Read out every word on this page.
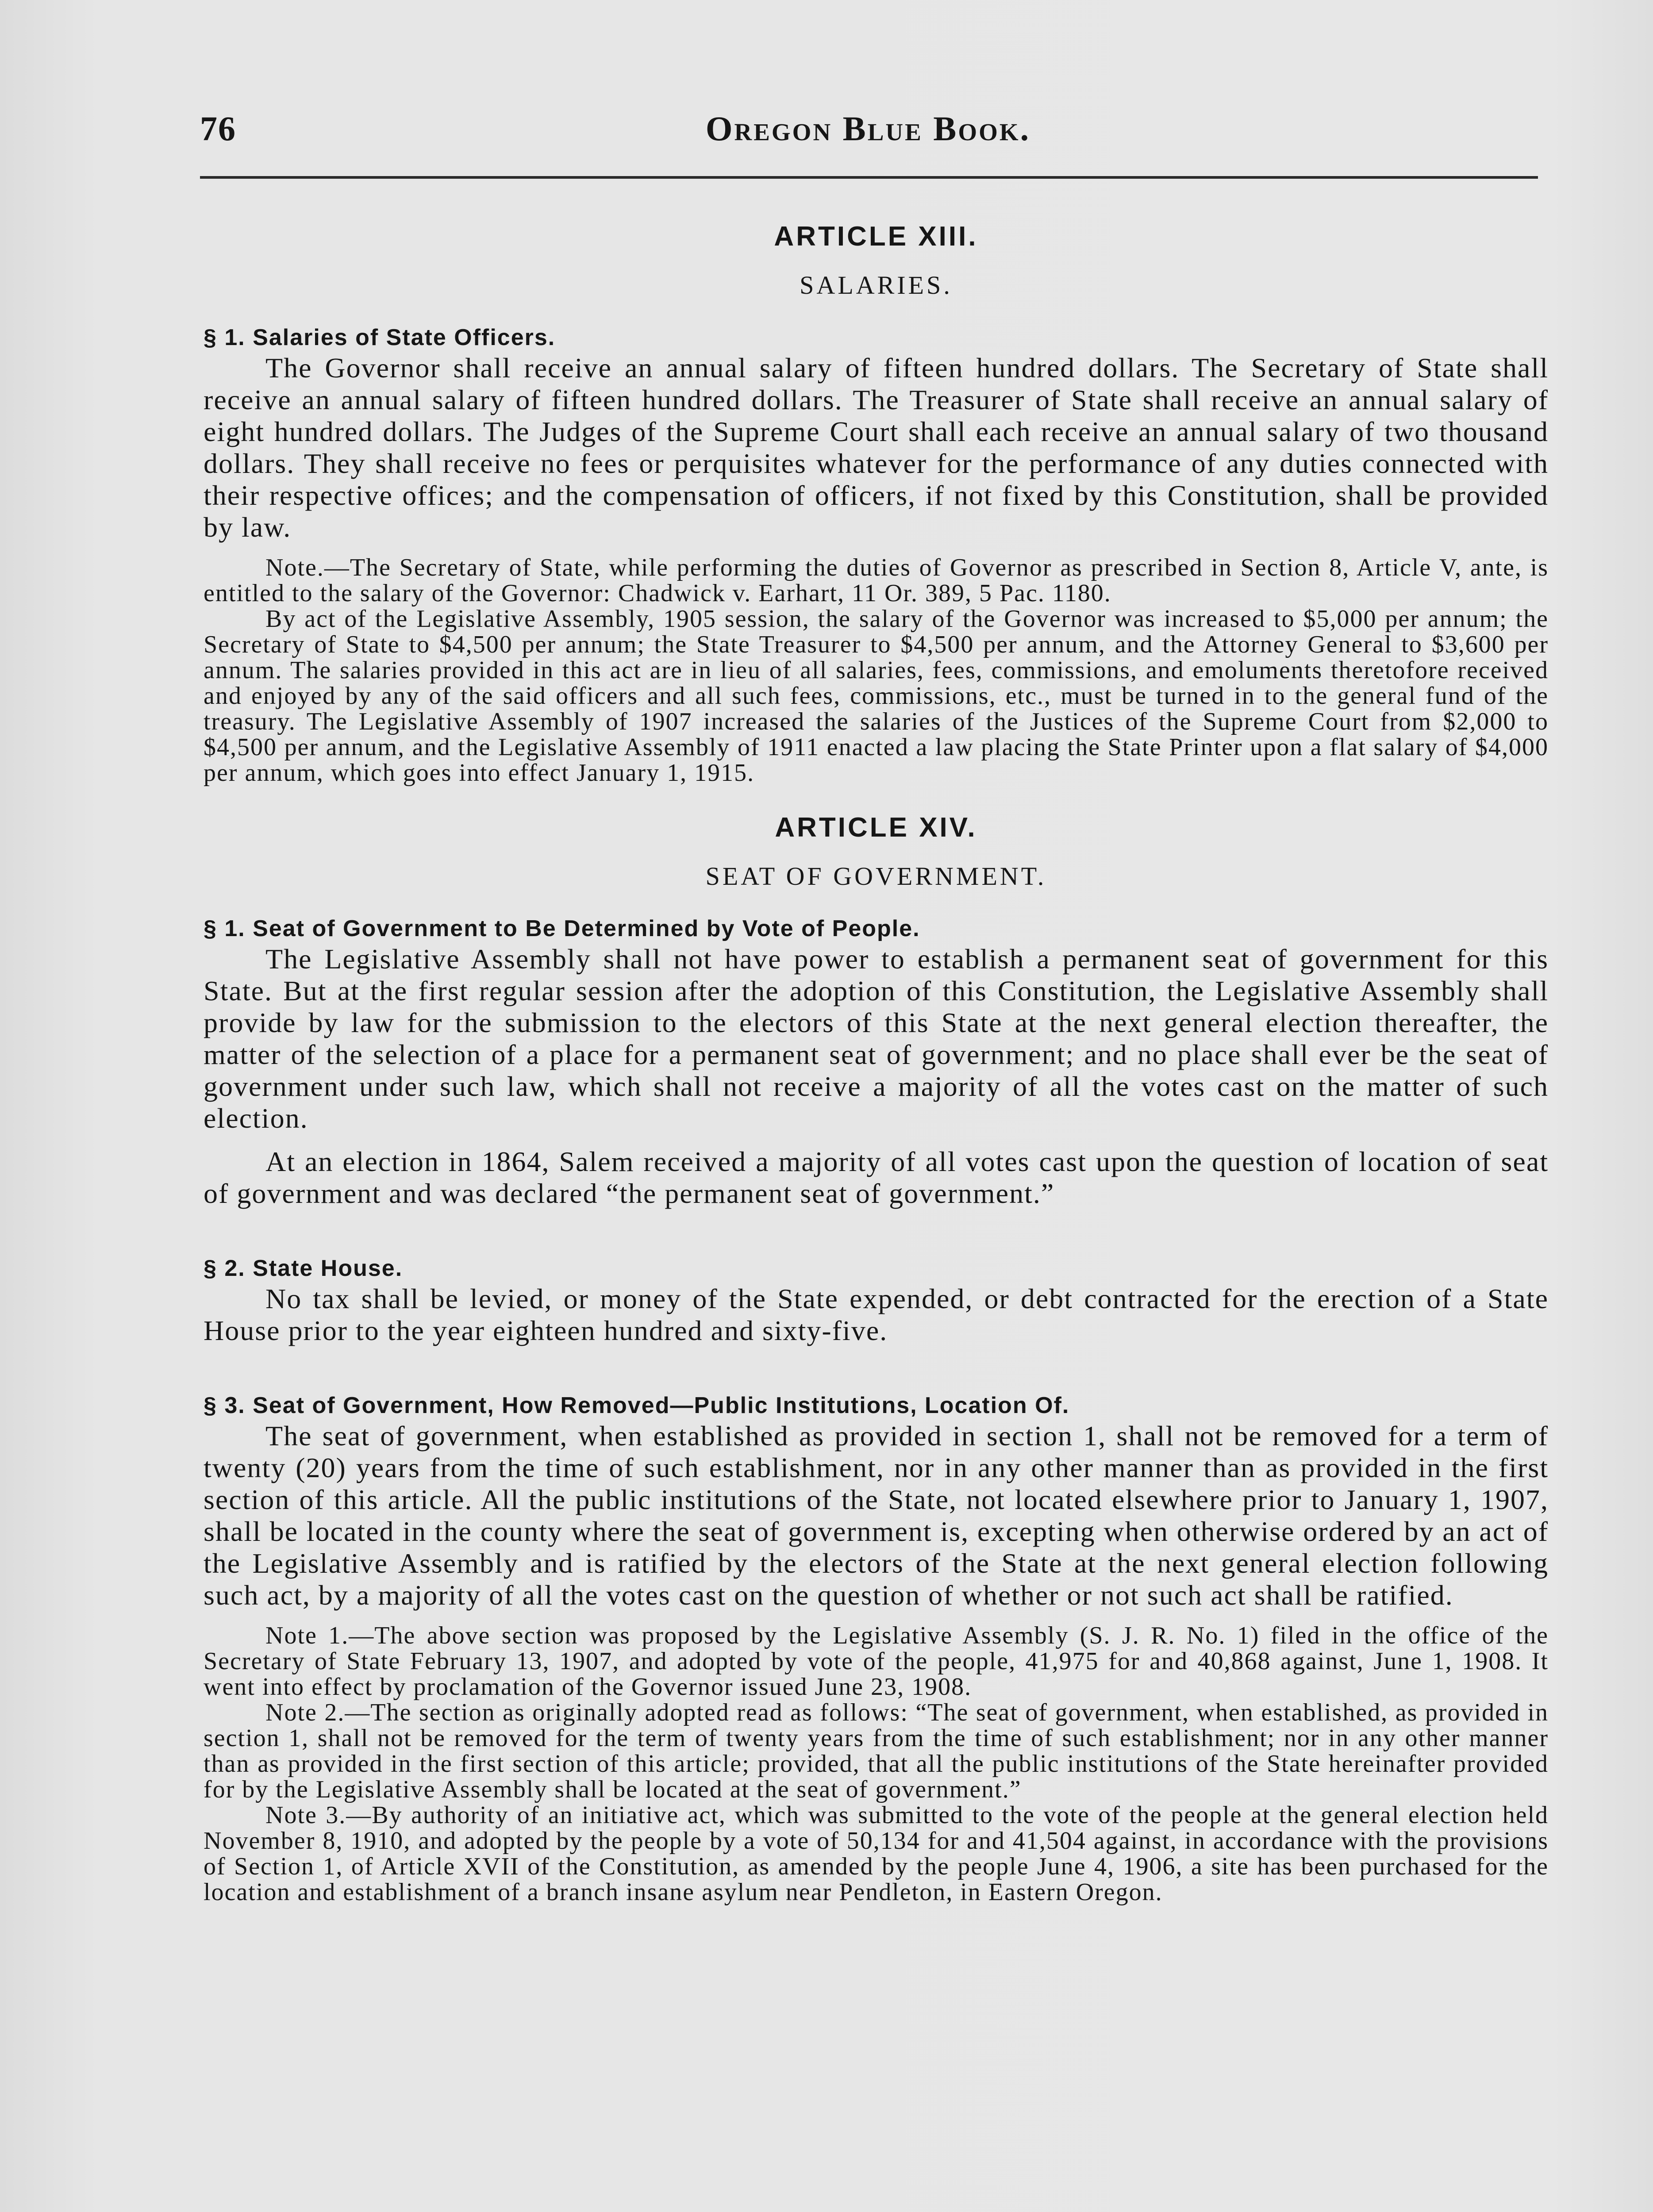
76	Oregon Blue Book.
ARTICLE XIII.
SALARIES.
§ 1. Salaries of State Officers.

The Governor shall receive an annual salary of fifteen hundred dollars. The Secretary of State shall receive an annual salary of fifteen hundred dollars. The Treasurer of State shall receive an annual salary of eight hundred dollars. The Judges of the Supreme Court shall each receive an annual salary of two thousand dollars. They shall receive no fees or perquisites whatever for the performance of any duties connected with their respective offices; and the compensation of officers, if not fixed by this Constitution, shall be provided by law.

Note.—The Secretary of State, while performing the duties of Governor as prescribed in Section 8, Article V, ante, is entitled to the salary of the Governor: Chadwick v. Earhart, 11 Or. 389, 5 Pac. 1180.

By act of the Legislative Assembly, 1905 session, the salary of the Governor was increased to $5,000 per annum; the Secretary of State to $4,500 per annum; the State Treasurer to $4,500 per annum, and the Attorney General to $3,600 per annum. The salaries provided in this act are in lieu of all salaries, fees, commissions, and emoluments theretofore received and enjoyed by any of the said officers and all such fees, commissions, etc., must be turned in to the general fund of the treasury. The Legislative Assembly of 1907 increased the salaries of the Justices of the Supreme Court from $2,000 to $4,500 per annum, and the Legislative Assembly of 1911 enacted a law placing the State Printer upon a flat salary of $4,000 per annum, which goes into effect January 1, 1915.

ARTICLE XIV.
SEAT OF GOVERNMENT.
§ 1. Seat of Government to Be Determined by Vote of People.

The Legislative Assembly shall not have power to establish a permanent seat of government for this State. But at the first regular session after the adoption of this Constitution, the Legislative Assembly shall provide by law for the submission to the electors of this State at the next general election thereafter, the matter of the selection of a place for a permanent seat of government; and no place shall ever be the seat of government under such law, which shall not receive a majority of all the votes cast on the matter of such election.

At an election in 1864, Salem received a majority of all votes cast upon the question of location of seat of government and was declared “the permanent seat of government.”

§ 2. State House.

No tax shall be levied, or money of the State expended, or debt contracted for the erection of a State House prior to the year eighteen hundred and sixty-five.

§ 3. Seat of Government, How Removed—Public Institutions, Location Of.

The seat of government, when established as provided in section 1, shall not be removed for a term of twenty (20) years from the time of such establishment, nor in any other manner than as provided in the first section of this article. All the public institutions of the State, not located elsewhere prior to January 1, 1907, shall be located in the county where the seat of government is, excepting when otherwise ordered by an act of the Legislative Assembly and is ratified by the electors of the State at the next general election following such act, by a majority of all the votes cast on the question of whether or not such act shall be ratified.

Note 1.—The above section was proposed by the Legislative Assembly (S. J. R. No. 1) filed in the office of the Secretary of State February 13, 1907, and adopted by vote of the people, 41,975 for and 40,868 against, June 1, 1908. It went into effect by proclamation of the Governor issued June 23, 1908.

Note 2.—The section as originally adopted read as follows: “The seat of government, when established, as provided in section 1, shall not be removed for the term of twenty years from the time of such establishment; nor in any other manner than as provided in the first section of this article; provided, that all the public institutions of the State hereinafter provided for by the Legislative Assembly shall be located at the seat of government.”

Note 3.—By authority of an initiative act, which was submitted to the vote of the people at the general election held November 8, 1910, and adopted by the people by a vote of 50,134 for and 41,504 against, in accordance with the provisions of Section 1, of Article XVII of the Constitution, as amended by the people June 4, 1906, a site has been purchased for the location and establishment of a branch insane asylum near Pendleton, in Eastern Oregon.
